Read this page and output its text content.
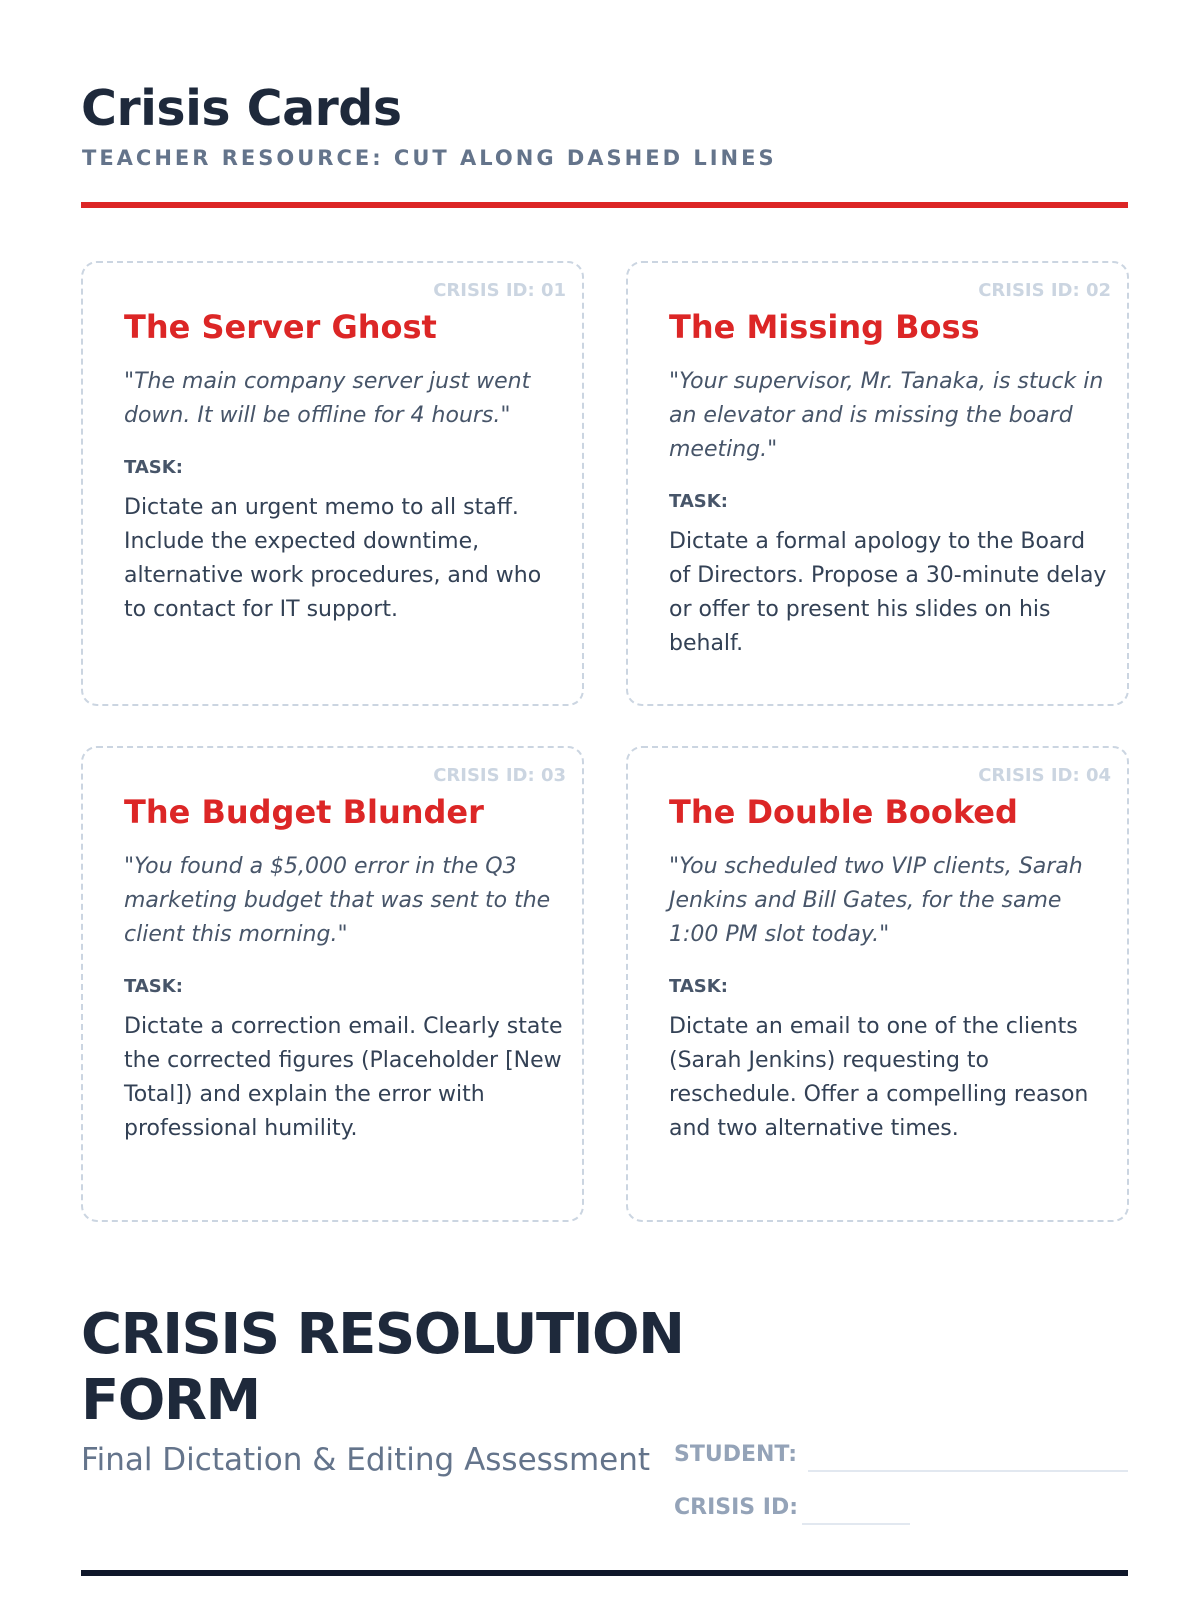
Crisis Cards
TEACHER RESOURCE: CUT ALONG DASHED LINES
CRISIS ID: 01
The Server Ghost
"The main company server just went down. It will be offline for 4 hours."
TASK:
Dictate an urgent memo to all staff. Include the expected downtime, alternative work procedures, and who to contact for IT support.
CRISIS ID: 02
The Missing Boss
"Your supervisor, Mr. Tanaka, is stuck in an elevator and is missing the board meeting."
TASK:
Dictate a formal apology to the Board of Directors. Propose a 30-minute delay or offer to present his slides on his behalf.
CRISIS ID: 03
The Budget Blunder
"You found a $5,000 error in the Q3 marketing budget that was sent to the client this morning."
TASK:
Dictate a correction email. Clearly state the corrected figures (Placeholder [New Total]) and explain the error with professional humility.
CRISIS ID: 04
The Double Booked
"You scheduled two VIP clients, Sarah Jenkins and Bill Gates, for the same 1:00 PM slot today."
TASK:
Dictate an email to one of the clients (Sarah Jenkins) requesting to reschedule. Offer a compelling reason and two alternative times.
CRISIS RESOLUTION FORM
Final Dictation & Editing Assessment STUDENT:
CRISIS ID:
